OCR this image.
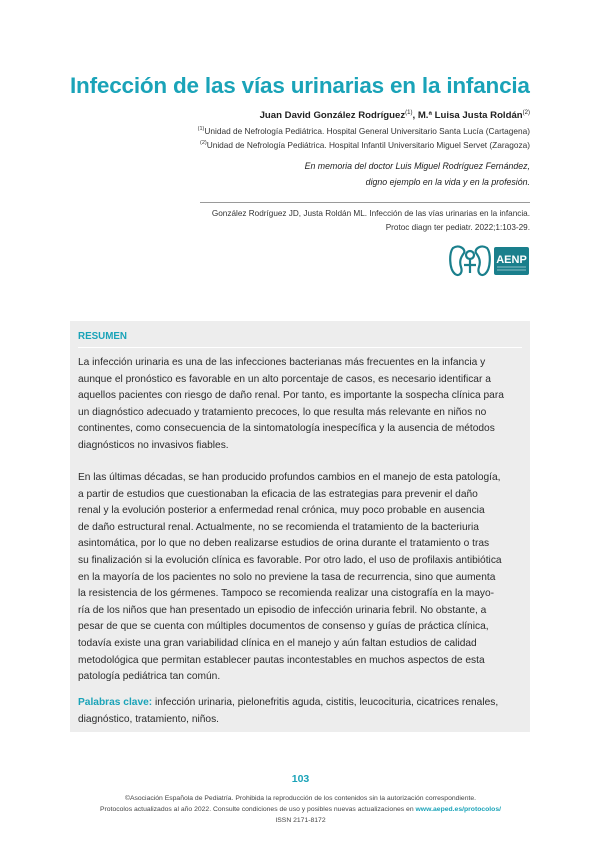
Infección de las vías urinarias en la infancia
Juan David González Rodríguez$^{(1)}$, M.ª Luisa Justa Roldán$^{(2)}$
$^{(1)}$Unidad de Nefrología Pediátrica. Hospital General Universitario Santa Lucía (Cartagena)
$^{(2)}$Unidad de Nefrología Pediátrica. Hospital Infantil Universitario Miguel Servet (Zaragoza)
En memoria del doctor Luis Miguel Rodríguez Fernández,
digno ejemplo en la vida y en la profesión.
González Rodríguez JD, Justa Roldán ML. Infección de las vías urinarias en la infancia.
Protoc diagn ter pediatr. 2022;1:103-29.
AENP
RESUMEN
La infección urinaria es una de las infecciones bacterianas más frecuentes en la infancia y
aunque el pronóstico es favorable en un alto porcentaje de casos, es necesario identificar a
aquellos pacientes con riesgo de daño renal. Por tanto, es importante la sospecha clínica para
un diagnóstico adecuado y tratamiento precoces, lo que resulta más relevante en niños no
continentes, como consecuencia de la sintomatología inespecífica y la ausencia de métodos
diagnósticos no invasivos fiables.
En las últimas décadas, se han producido profundos cambios en el manejo de esta patología,
a partir de estudios que cuestionaban la eficacia de las estrategias para prevenir el daño
renal y la evolución posterior a enfermedad renal crónica, muy poco probable en ausencia
de daño estructural renal. Actualmente, no se recomienda el tratamiento de la bacteriuria
asintomática, por lo que no deben realizarse estudios de orina durante el tratamiento o tras
su finalización si la evolución clínica es favorable. Por otro lado, el uso de profilaxis antibiótica
en la mayoría de los pacientes no solo no previene la tasa de recurrencia, sino que aumenta
la resistencia de los gérmenes. Tampoco se recomienda realizar una cistografía en la mayo-
ría de los niños que han presentado un episodio de infección urinaria febril. No obstante, a
pesar de que se cuenta con múltiples documentos de consenso y guías de práctica clínica,
todavía existe una gran variabilidad clínica en el manejo y aún faltan estudios de calidad
metodológica que permitan establecer pautas incontestables en muchos aspectos de esta
patología pediátrica tan común.
Palabras clave: infección urinaria, pielonefritis aguda, cistitis, leucocituria, cicatrices renales,
diagnóstico, tratamiento, niños.
103
©Asociación Española de Pediatría. Prohibida la reproducción de los contenidos sin la autorización correspondiente.
Protocolos actualizados al año 2022. Consulte condiciones de uso y posibles nuevas actualizaciones en www.aeped.es/protocolos/
ISSN 2171-8172
